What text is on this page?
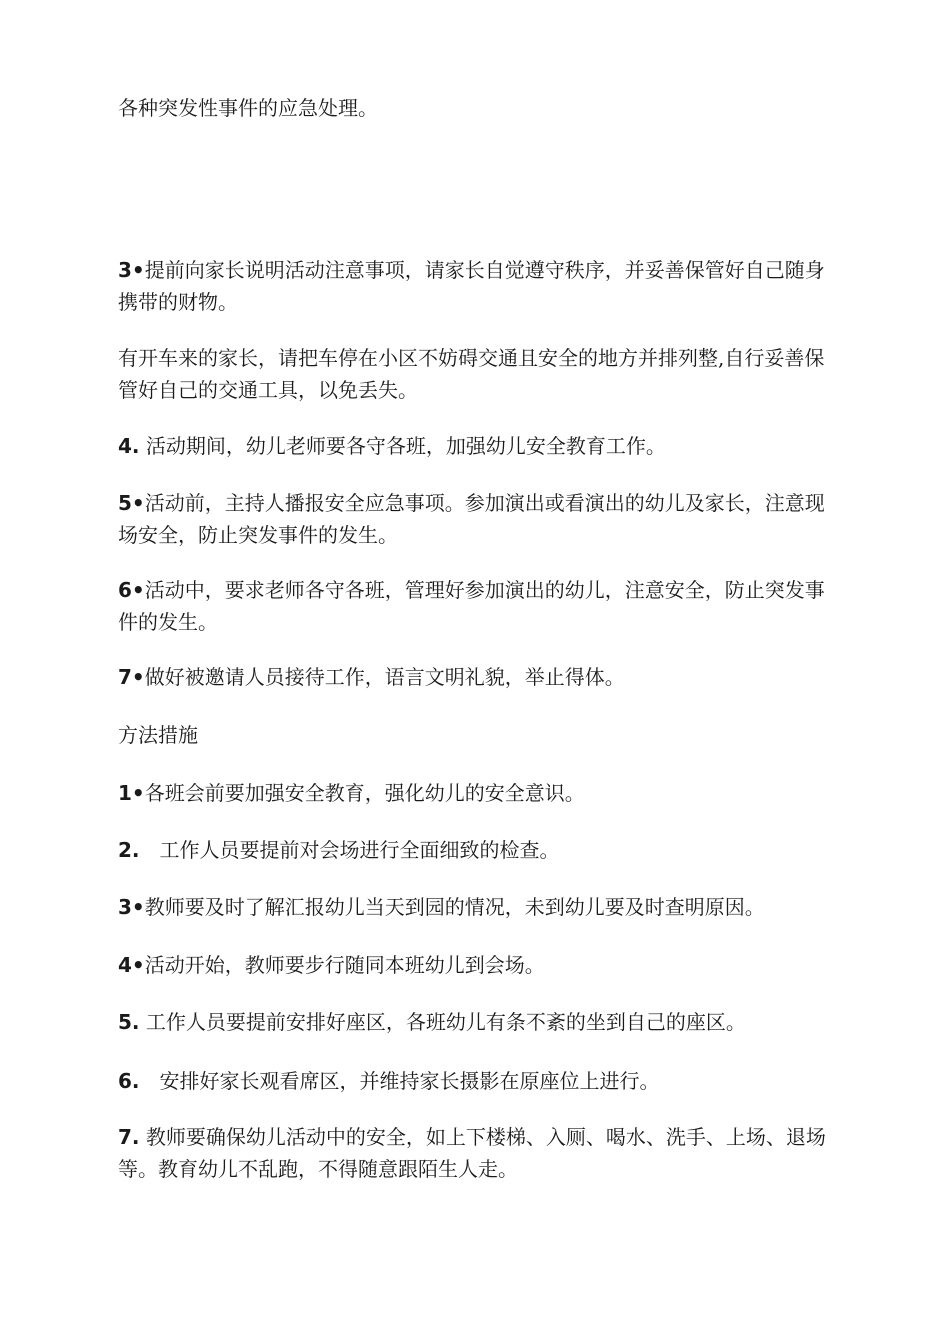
各种突发性事件的应急处理。

3•提前向家长说明活动注意事项，请家长自觉遵守秩序，并妥善保管好自己随身携带的财物。

有开车来的家长，请把车停在小区不妨碍交通且安全的地方并排列整,自行妥善保管好自己的交通工具，以免丢失。

4. 活动期间，幼儿老师要各守各班，加强幼儿安全教育工作。

5•活动前，主持人播报安全应急事项。参加演出或看演出的幼儿及家长，注意现场安全，防止突发事件的发生。

6•活动中，要求老师各守各班，管理好参加演出的幼儿，注意安全，防止突发事件的发生。

7•做好被邀请人员接待工作，语言文明礼貌，举止得体。

方法措施

1•各班会前要加强安全教育，强化幼儿的安全意识。

2. 工作人员要提前对会场进行全面细致的检查。

3•教师要及时了解汇报幼儿当天到园的情况，未到幼儿要及时查明原因。

4•活动开始，教师要步行随同本班幼儿到会场。

5. 工作人员要提前安排好座区，各班幼儿有条不紊的坐到自己的座区。

6. 安排好家长观看席区，并维持家长摄影在原座位上进行。

7. 教师要确保幼儿活动中的安全，如上下楼梯、入厕、喝水、洗手、上场、退场等。教育幼儿不乱跑，不得随意跟陌生人走。
